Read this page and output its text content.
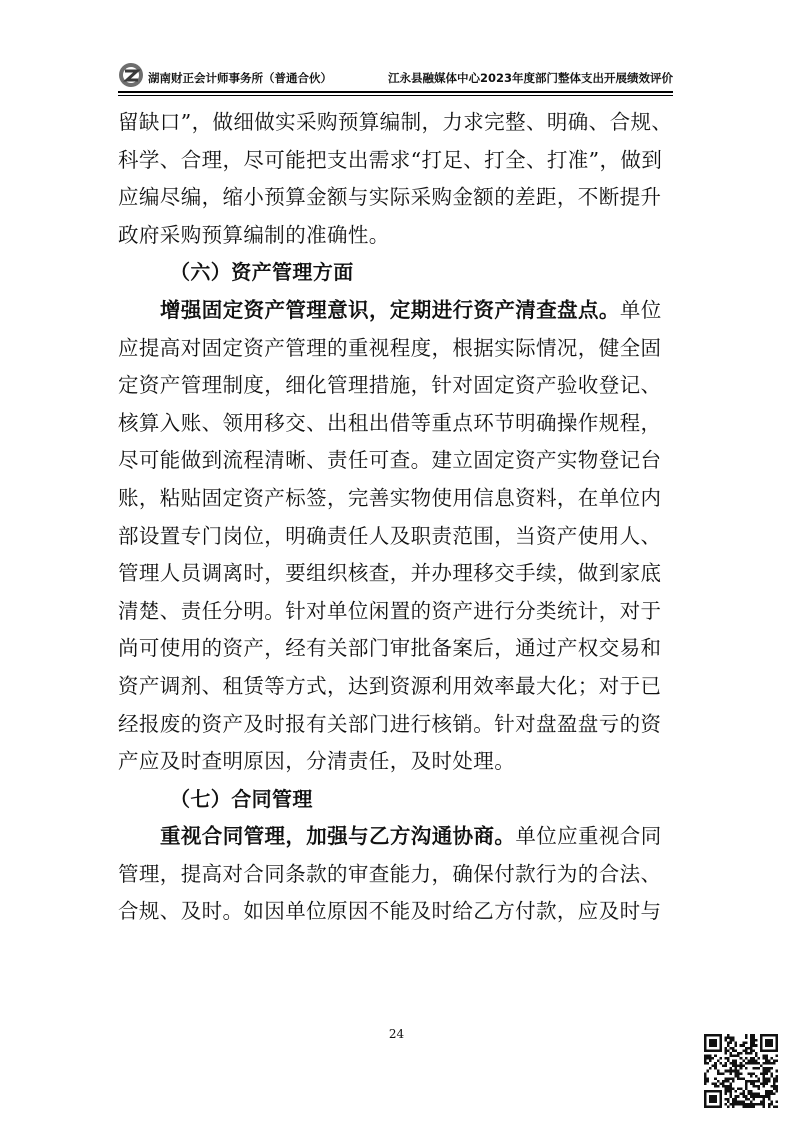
湖南财正会计师事务所（普通合伙）	江永县融媒体中心2023年度部门整体支出开展绩效评价
留缺口”，做细做实采购预算编制，力求完整、明确、合规、
科学、合理，尽可能把支出需求“打足、打全、打准”，做到
应编尽编，缩小预算金额与实际采购金额的差距，不断提升
政府采购预算编制的准确性。
（六）资产管理方面
增强固定资产管理意识，定期进行资产清查盘点。单位
应提高对固定资产管理的重视程度，根据实际情况，健全固
定资产管理制度，细化管理措施，针对固定资产验收登记、
核算入账、领用移交、出租出借等重点环节明确操作规程，
尽可能做到流程清晰、责任可查。建立固定资产实物登记台
账，粘贴固定资产标签，完善实物使用信息资料，在单位内
部设置专门岗位，明确责任人及职责范围，当资产使用人、
管理人员调离时，要组织核查，并办理移交手续，做到家底
清楚、责任分明。针对单位闲置的资产进行分类统计，对于
尚可使用的资产，经有关部门审批备案后，通过产权交易和
资产调剂、租赁等方式，达到资源利用效率最大化；对于已
经报废的资产及时报有关部门进行核销。针对盘盈盘亏的资
产应及时查明原因，分清责任，及时处理。
（七）合同管理
重视合同管理，加强与乙方沟通协商。单位应重视合同
管理，提高对合同条款的审查能力，确保付款行为的合法、
合规、及时。如因单位原因不能及时给乙方付款，应及时与
24
